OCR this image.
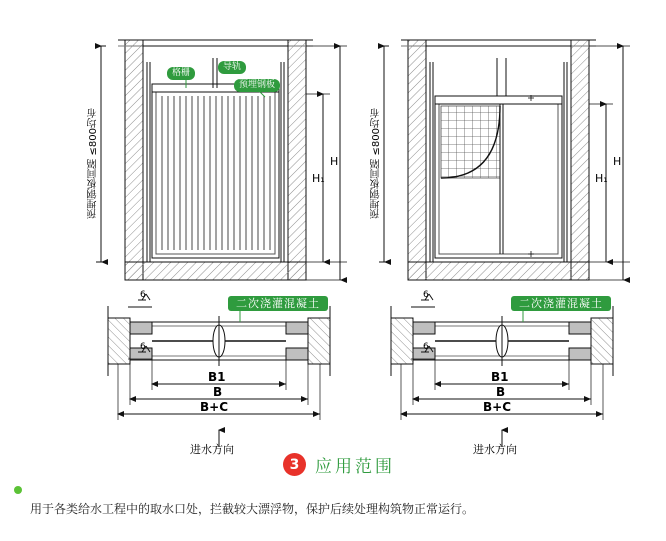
格栅
导轨
预埋钢板
预埋钢板间隔 ≤800均布	预埋钢板间隔 ≤800均布
H₁
H
H₁
H
二次浇灌混凝土	二次浇灌混凝土
6
6
6
6
B1
B
B+C
进水方向
B1
B
B+C
进水方向
3 应用范围
用于各类给水工程中的取水口处，拦截较大漂浮物，保护后续处理构筑物正常运行。
